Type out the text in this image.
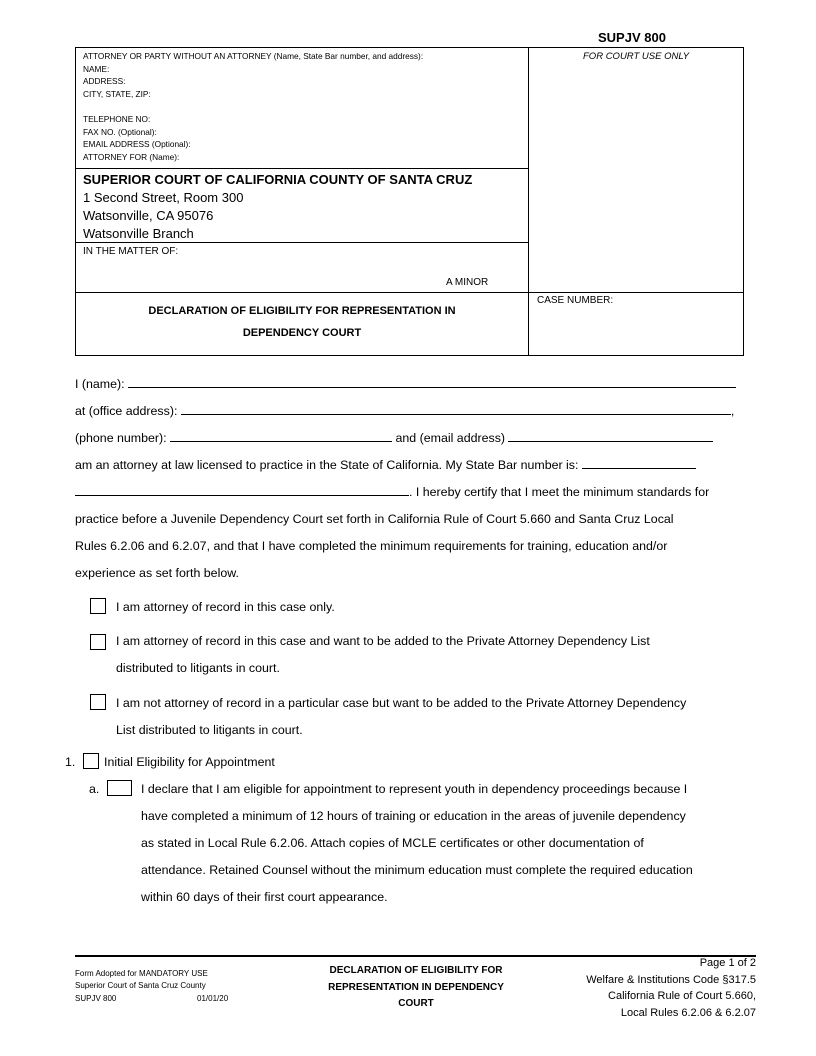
SUPJV 800
ATTORNEY OR PARTY WITHOUT AN ATTORNEY (Name, State Bar number, and address):
NAME:
ADDRESS:
CITY, STATE, ZIP:
TELEPHONE NO:
FAX NO. (Optional):
EMAIL ADDRESS (Optional):
ATTORNEY FOR (Name):
FOR COURT USE ONLY
SUPERIOR COURT OF CALIFORNIA COUNTY OF SANTA CRUZ
1 Second Street, Room 300
Watsonville, CA 95076
Watsonville Branch
IN THE MATTER OF:
A MINOR
DECLARATION OF ELIGIBILITY FOR REPRESENTATION IN
DEPENDENCY COURT
CASE NUMBER:
I (name):
at (office address):	,
(phone number):	and (email address)
am an attorney at law licensed to practice in the State of California. My State Bar number is:
. I hereby certify that I meet the minimum standards for
practice before a Juvenile Dependency Court set forth in California Rule of Court 5.660 and Santa Cruz Local
Rules 6.2.06 and 6.2.07, and that I have completed the minimum requirements for training, education and/or
experience as set forth below.
I am attorney of record in this case only.
I am attorney of record in this case and want to be added to the Private Attorney Dependency List
distributed to litigants in court.
I am not attorney of record in a particular case but want to be added to the Private Attorney Dependency
List distributed to litigants in court.
1. Initial Eligibility for Appointment
a.	I declare that I am eligible for appointment to represent youth in dependency proceedings because I
have completed a minimum of 12 hours of training or education in the areas of juvenile dependency
as stated in Local Rule 6.2.06. Attach copies of MCLE certificates or other documentation of
attendance. Retained Counsel without the minimum education must complete the required education
within 60 days of their first court appearance.
Form Adopted for MANDATORY USE
Superior Court of Santa Cruz County
SUPJV 800	01/01/20
DECLARATION OF ELIGIBILITY FOR
REPRESENTATION IN DEPENDENCY
COURT
Page 1 of 2
Welfare & Institutions Code §317.5
California Rule of Court 5.660,
Local Rules 6.2.06 & 6.2.07
